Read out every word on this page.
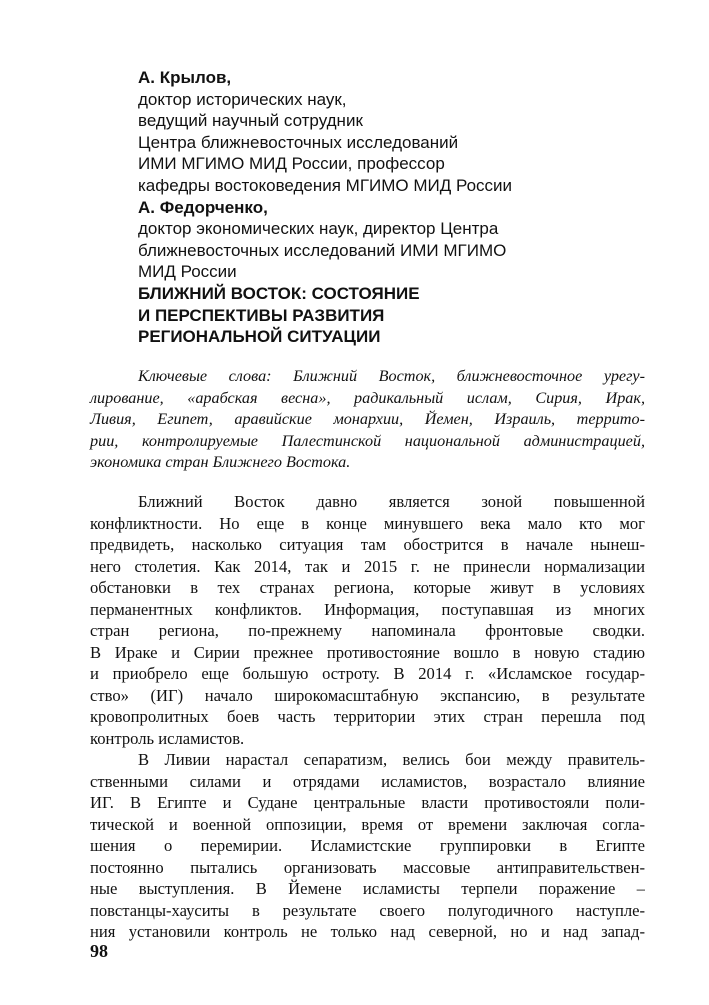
А. Крылов,
доктор исторических наук,
ведущий научный сотрудник
Центра ближневосточных исследований
ИМИ МГИМО МИД России, профессор
кафедры востоковедения МГИМО МИД России
А. Федорченко,
доктор экономических наук, директор Центра
ближневосточных исследований ИМИ МГИМО
МИД России
БЛИЖНИЙ ВОСТОК: СОСТОЯНИЕ
И ПЕРСПЕКТИВЫ РАЗВИТИЯ
РЕГИОНАЛЬНОЙ СИТУАЦИИ
Ключевые слова: Ближний Восток, ближневосточное урегу-
лирование, «арабская весна», радикальный ислам, Сирия, Ирак,
Ливия, Египет, аравийские монархии, Йемен, Израиль, террито-
рии, контролируемые Палестинской национальной администрацией,
экономика стран Ближнего Востока.
Ближний Восток давно является зоной повышенной
конфликтности. Но еще в конце минувшего века мало кто мог
предвидеть, насколько ситуация там обострится в начале нынеш-
него столетия. Как 2014, так и 2015 г. не принесли нормализации
обстановки в тех странах региона, которые живут в условиях
перманентных конфликтов. Информация, поступавшая из многих
стран региона, по-прежнему напоминала фронтовые сводки.
В Ираке и Сирии прежнее противостояние вошло в новую стадию
и приобрело еще большую остроту. В 2014 г. «Исламское государ-
ство» (ИГ) начало широкомасштабную экспансию, в результате
кровопролитных боев часть территории этих стран перешла под
контроль исламистов.
В Ливии нарастал сепаратизм, велись бои между правитель-
ственными силами и отрядами исламистов, возрастало влияние
ИГ. В Египте и Судане центральные власти противостояли поли-
тической и военной оппозиции, время от времени заключая согла-
шения о перемирии. Исламистские группировки в Египте
постоянно пытались организовать массовые антиправительствен-
ные выступления. В Йемене исламисты терпели поражение –
повстанцы-хауситы в результате своего полугодичного наступле-
ния установили контроль не только над северной, но и над запад-
98
